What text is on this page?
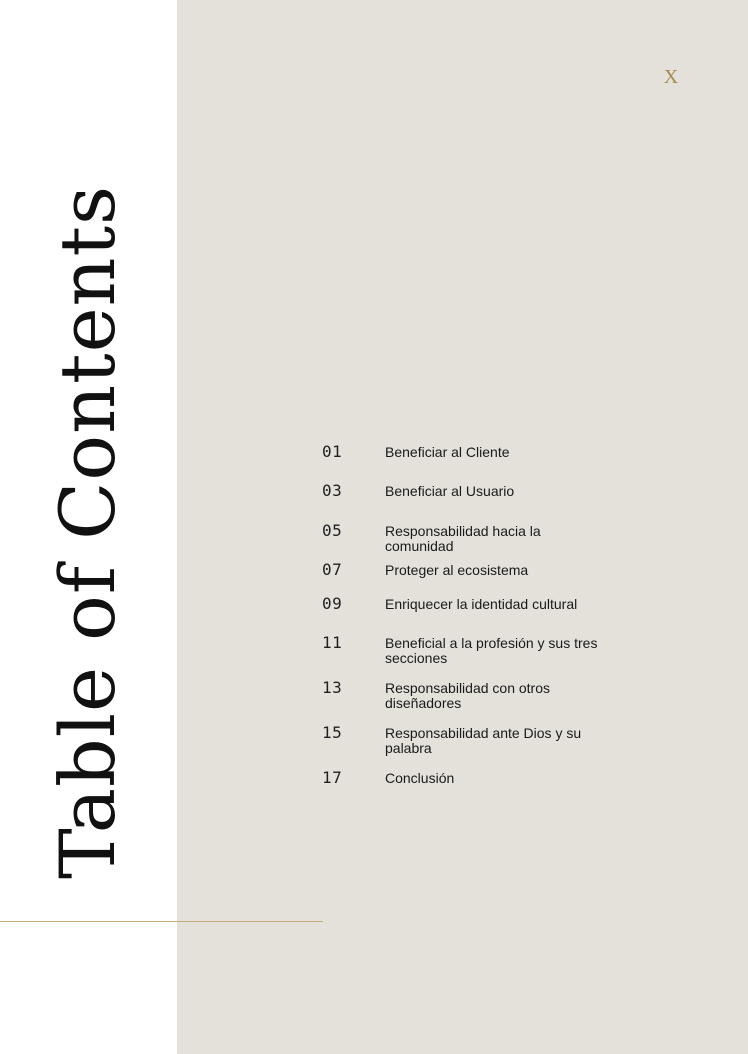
Table of Contents
X
01	Beneficiar al Cliente
03	Beneficiar al Usuario
05	Responsabilidad hacia la comunidad
07	Proteger al ecosistema
09	Enriquecer la identidad cultural
11	Beneficial a la profesión y sus tres secciones
13	Responsabilidad con otros diseñadores
15	Responsabilidad ante Dios y su palabra
17	Conclusión
